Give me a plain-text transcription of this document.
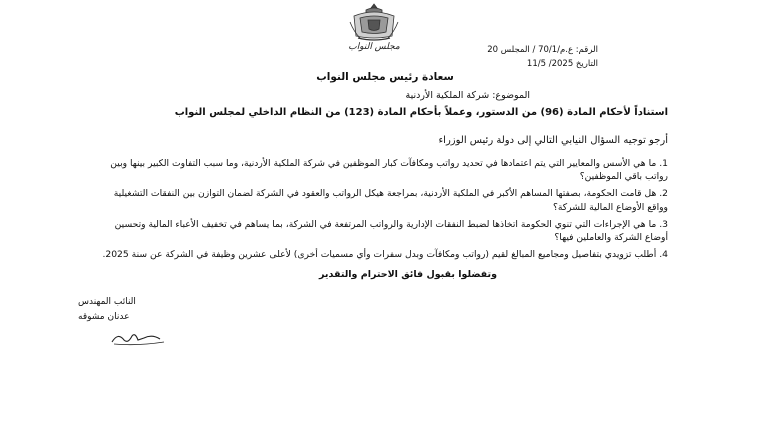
مجلس النواب	الرقم: ع.م/70/1 / المجلس 20
التاريخ 2025/ 11/5
سعادة رئيس مجلس النواب
الموضوع: شركة الملكية الأردنية
استناداً لأحكام المادة (96) من الدستور، وعملاً بأحكام المادة (123) من النظام الداخلي لمجلس النواب
أرجو توجيه السؤال النيابي التالي إلى دولة رئيس الوزراء
1. ما هي الأسس والمعايير التي يتم اعتمادها في تحديد رواتب ومكافآت كبار الموظفين في شركة الملكية الأردنية، وما سبب التفاوت الكبير بينها وبين رواتب باقي الموظفين؟
2. هل قامت الحكومة، بصفتها المساهم الأكبر في الملكية الأردنية، بمراجعة هيكل الرواتب والعقود في الشركة لضمان التوازن بين النفقات التشغيلية وواقع الأوضاع المالية للشركة؟
3. ما هي الإجراءات التي تنوي الحكومة اتخاذها لضبط النفقات الإدارية والرواتب المرتفعة في الشركة، بما يساهم في تخفيف الأعباء المالية وتحسين أوضاع الشركة والعاملين فيها؟
4. أطلب تزويدي بتفاصيل ومجاميع المبالغ لقيم (رواتب ومكافآت وبدل سفرات وأي مسميات أخرى) لأعلى عشرين وظيفة في الشركة عن سنة 2025.
وتفضلوا بقبول فائق الاحترام والتقدير
النائب المهندس
عدنان مشوقه
